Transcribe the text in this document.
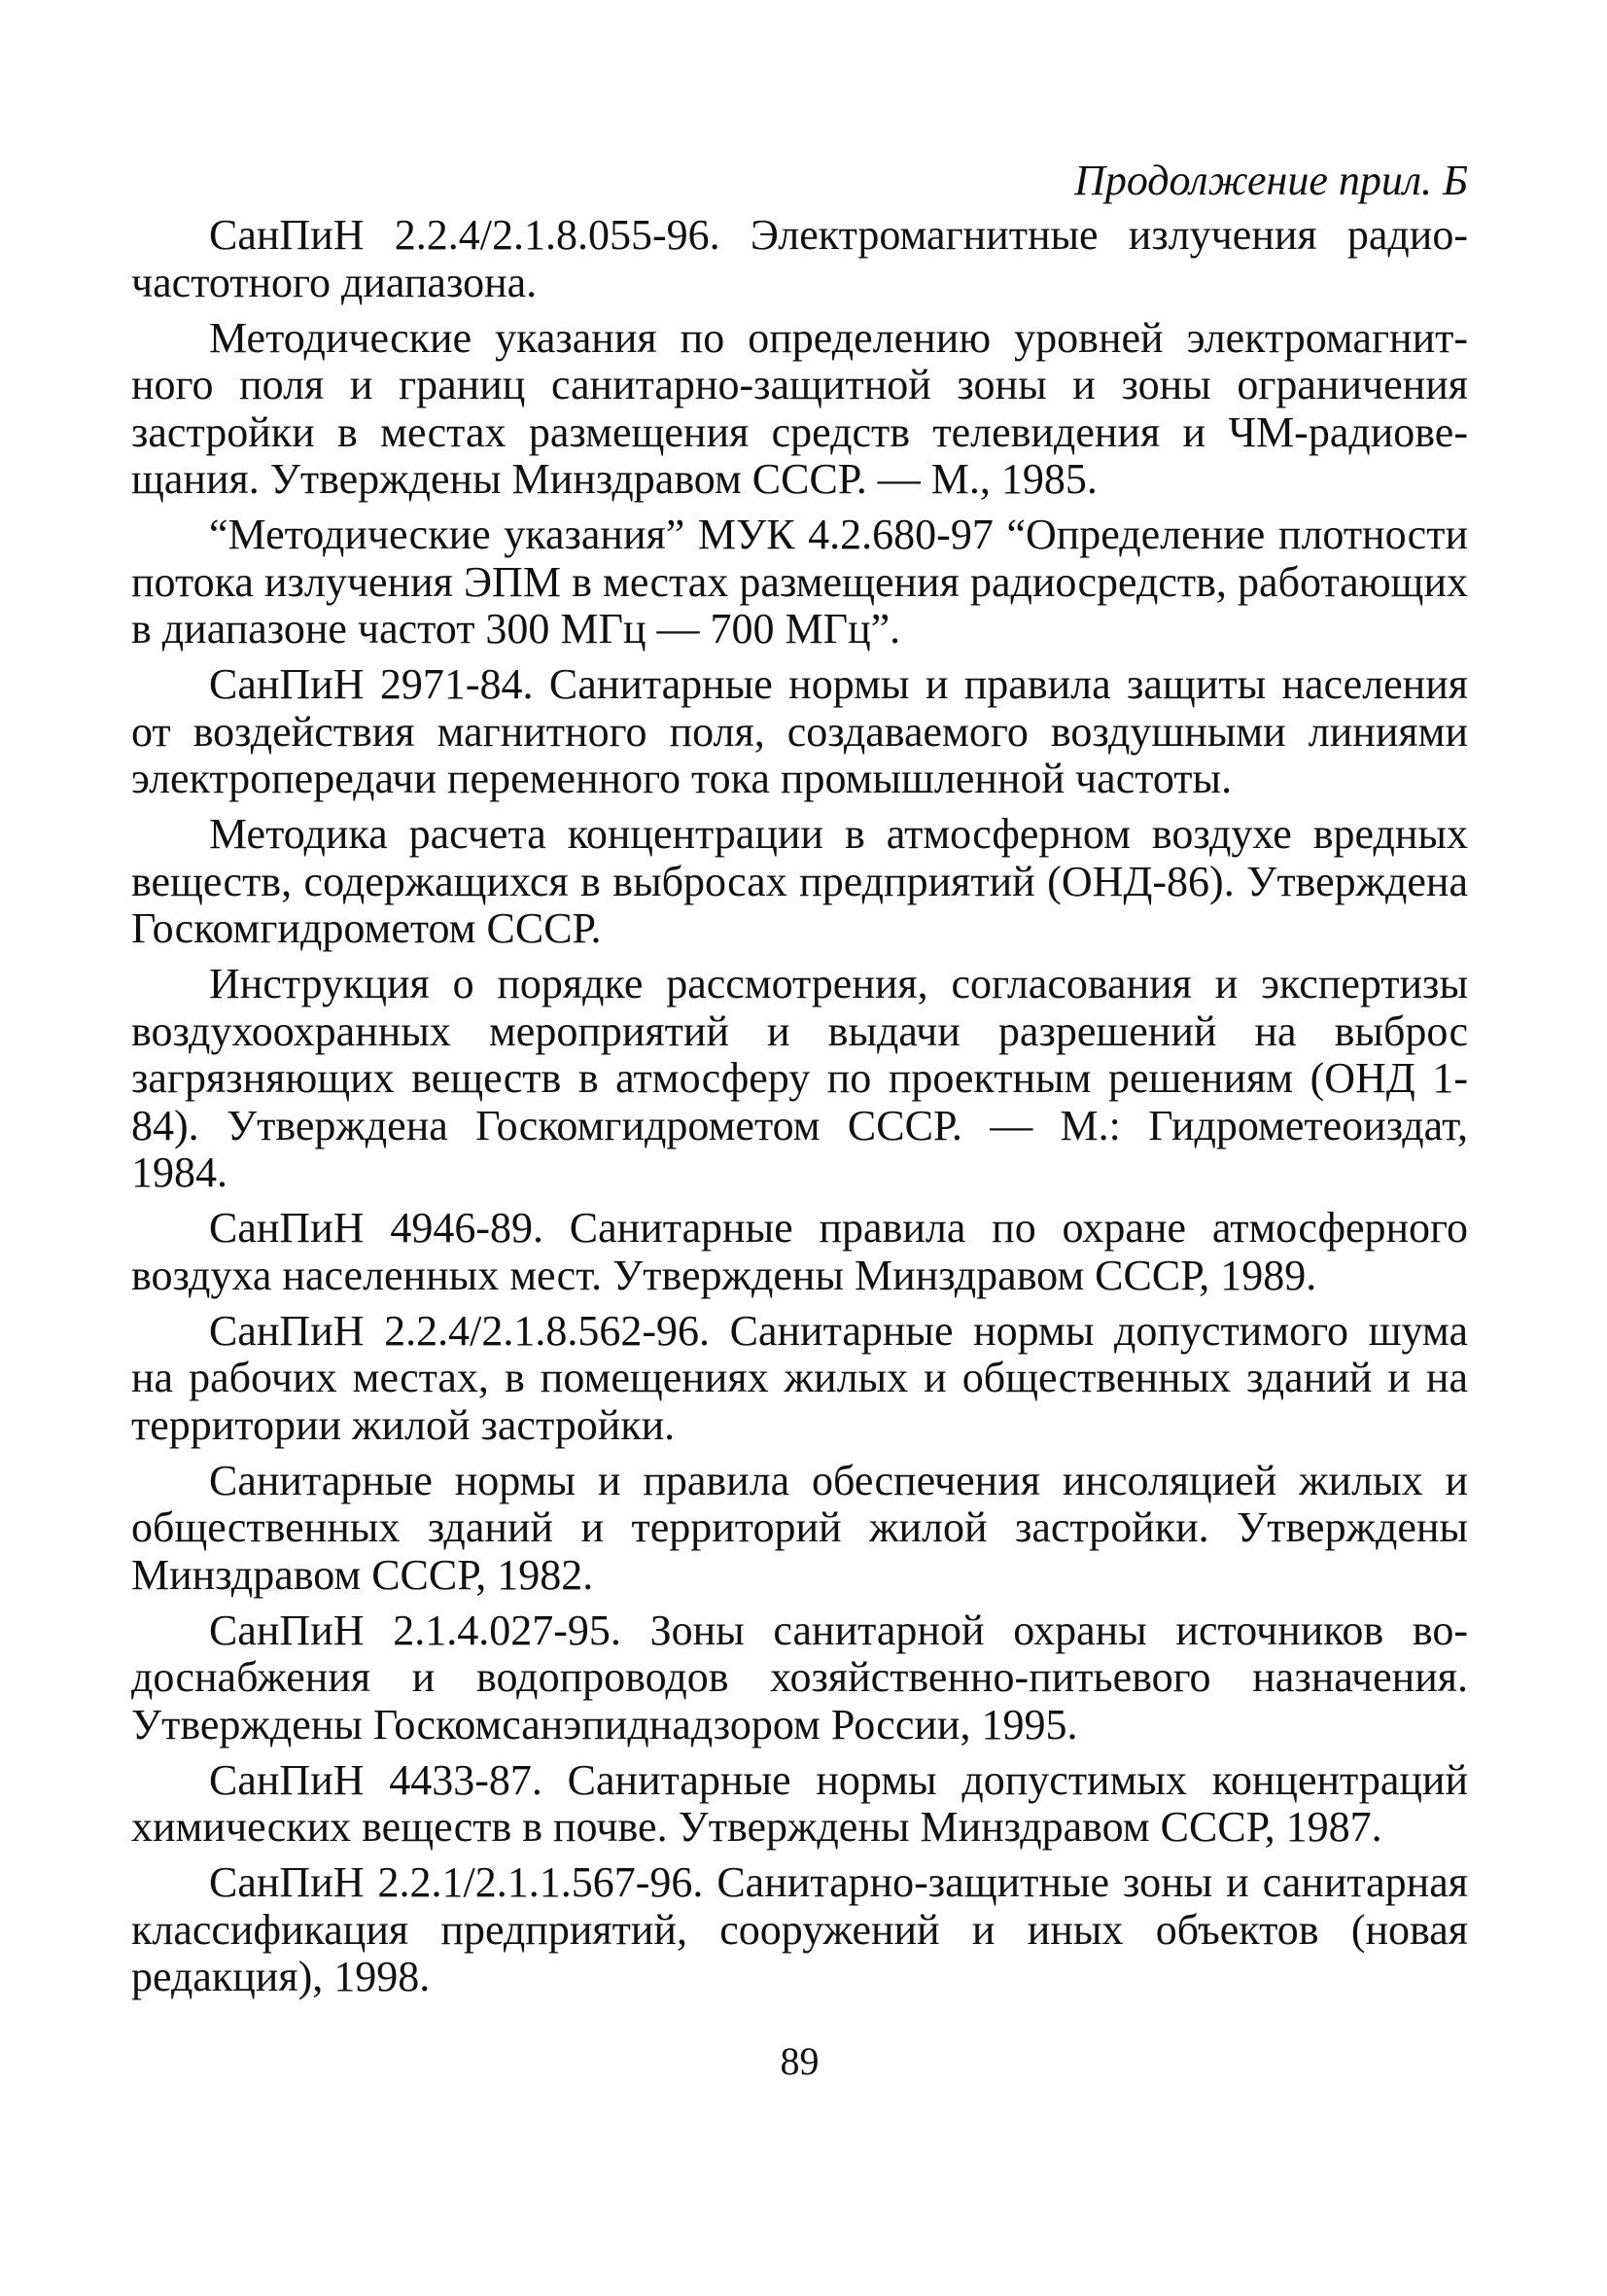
Продолжение прил. Б

СанПиН 2.2.4/2.1.8.055-96. Электромагнитные излучения радиочастотного диапазона.

Методические указания по определению уровней электромагнитного поля и границ санитарно-защитной зоны и зоны ограничения застройки в местах размещения средств телевидения и ЧМ-радиовещания. Утверждены Минздравом СССР. — М., 1985.

“Методические указания” МУК 4.2.680-97 “Определение плотности потока излучения ЭПМ в местах размещения радиосредств, работающих в диапазоне частот 300 МГц — 700 МГц”.

СанПиН 2971-84. Санитарные нормы и правила защиты населения от воздействия магнитного поля, создаваемого воздушными линиями электропередачи переменного тока промышленной частоты.

Методика расчета концентрации в атмосферном воздухе вредных веществ, содержащихся в выбросах предприятий (ОНД-86). Утверждена Госкомгидрометом СССР.

Инструкция о порядке рассмотрения, согласования и экспертизы воздухоохранных мероприятий и выдачи разрешений на выброс загрязняющих веществ в атмосферу по проектным решениям (ОНД 1-84). Утверждена Госкомгидрометом СССР. — М.: Гидрометеоиздат, 1984.

СанПиН 4946-89. Санитарные правила по охране атмосферного воздуха населенных мест. Утверждены Минздравом СССР, 1989.

СанПиН 2.2.4/2.1.8.562-96. Санитарные нормы допустимого шума на рабочих местах, в помещениях жилых и общественных зданий и на территории жилой застройки.

Санитарные нормы и правила обеспечения инсоляцией жилых и общественных зданий и территорий жилой застройки. Утверждены Минздравом СССР, 1982.

СанПиН 2.1.4.027-95. Зоны санитарной охраны источников водоснабжения и водопроводов хозяйственно-питьевого назначения. Утверждены Госкомсанэпиднадзором России, 1995.

СанПиН 4433-87. Санитарные нормы допустимых концентраций химических веществ в почве. Утверждены Минздравом СССР, 1987.

СанПиН 2.2.1/2.1.1.567-96. Санитарно-защитные зоны и санитарная классификация предприятий, сооружений и иных объектов (новая редакция), 1998.

89
